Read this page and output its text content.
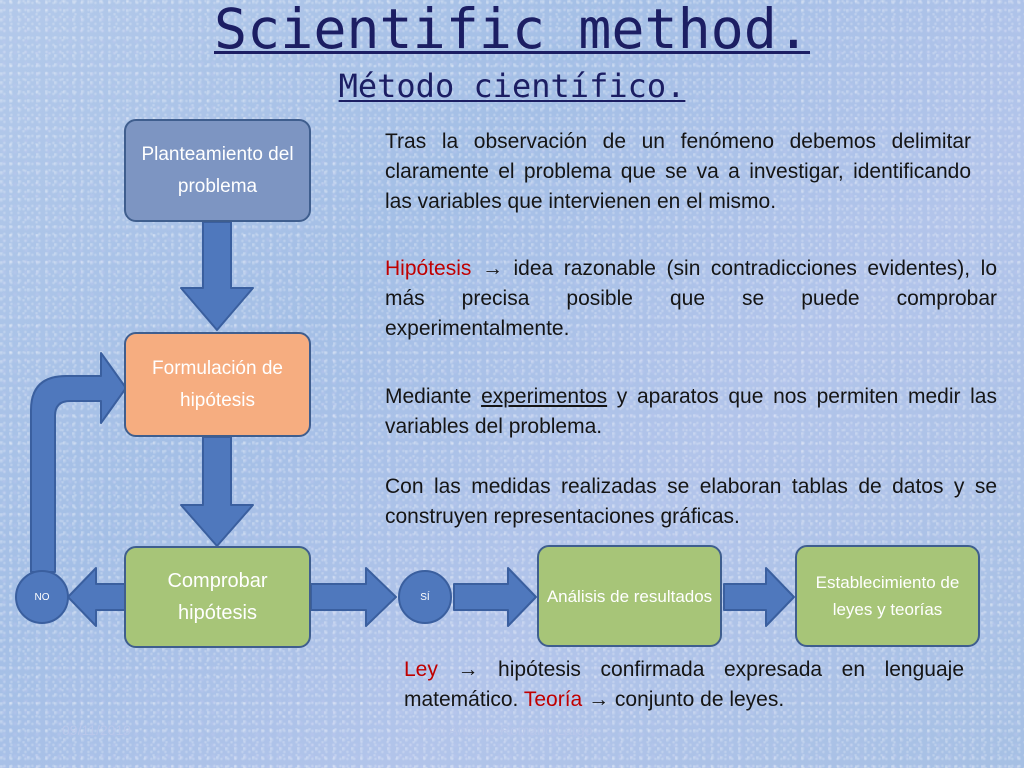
Scientific method.
Método científico.
Planteamiento del problema
Formulación de hipótesis
Comprobar hipótesis
Análisis de resultados
Establecimiento de leyes y teorías
NO	SÍ

Tras la observación de un fenómeno debemos delimitar claramente el problema que se va a investigar, identificando las variables que intervienen en el mismo.

Hipótesis → idea razonable (sin contradicciones evidentes), lo más precisa posible que se puede comprobar experimentalmente.

Mediante experimentos y aparatos que nos permiten medir las variables del problema.

Con las medidas realizadas se elaboran tablas de datos y se construyen representaciones gráficas.

Ley → hipótesis confirmada expresada en lenguaje matemático. Teoría → conjunto de leyes.

09/11/2019	Juan Antonio Romano Largo
